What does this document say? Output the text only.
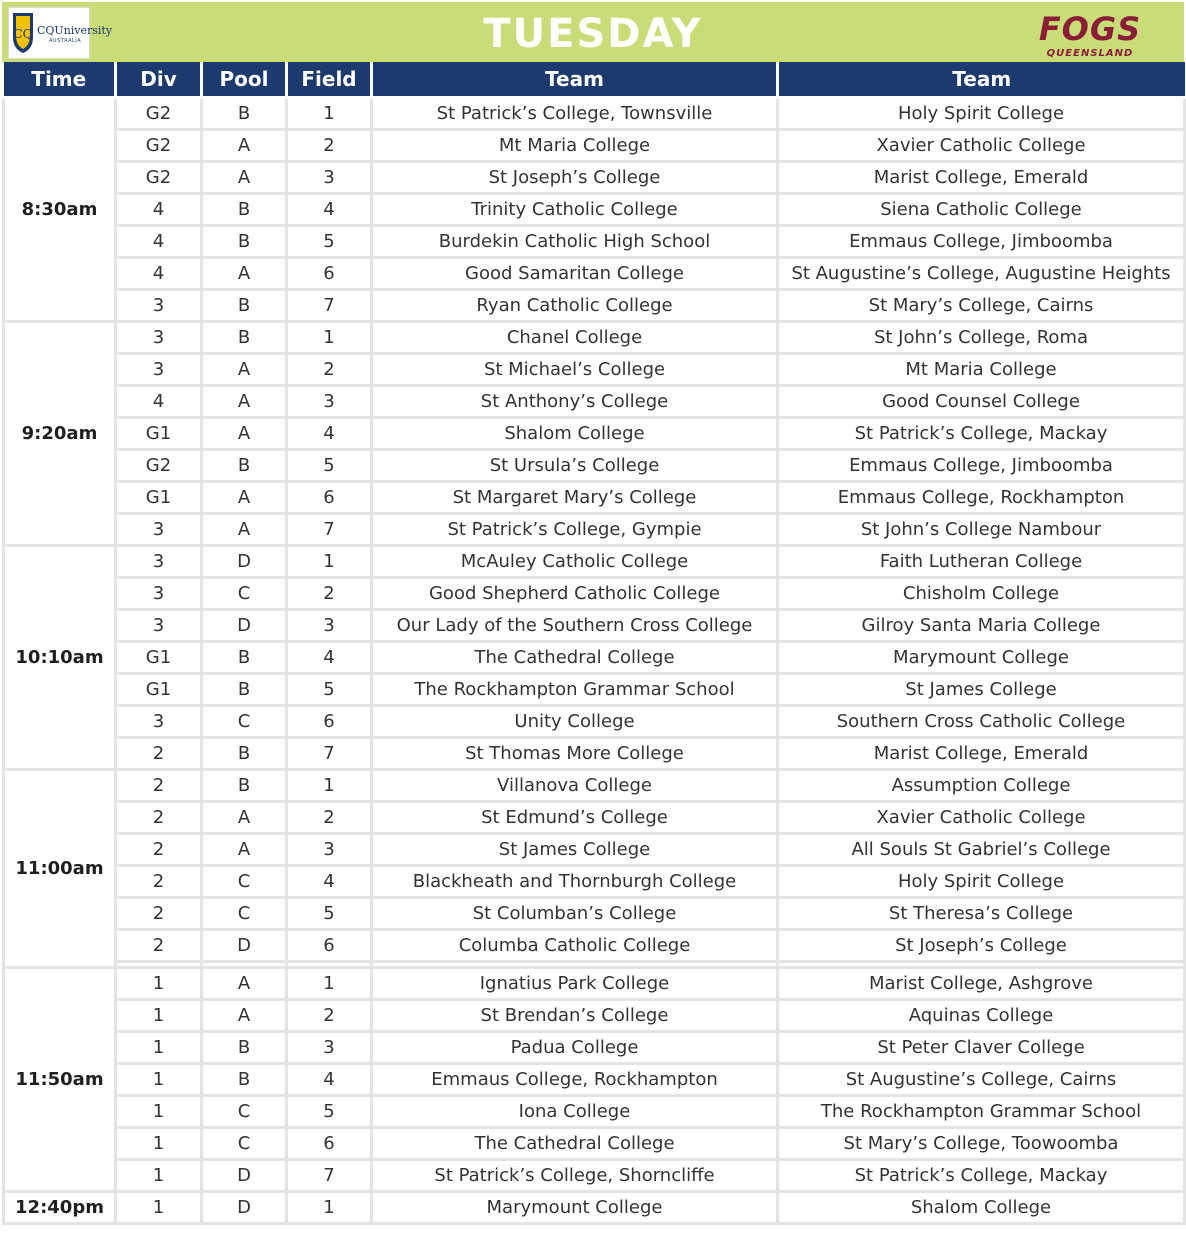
CQ CQUniversity
AUSTRALIA	TUESDAY	FOGS
QUEENSLAND
Time	Div	Pool	Field	Team	Team
8:30am	G2	B	1	St Patrick’s College, Townsville	Holy Spirit College
	G2	A	2	Mt Maria College	Xavier Catholic College
	G2	A	3	St Joseph’s College	Marist College, Emerald
	4	B	4	Trinity Catholic College	Siena Catholic College
	4	B	5	Burdekin Catholic High School	Emmaus College, Jimboomba
	4	A	6	Good Samaritan College	St Augustine’s College, Augustine Heights
	3	B	7	Ryan Catholic College	St Mary’s College, Cairns
9:20am	3	B	1	Chanel College	St John’s College, Roma
	3	A	2	St Michael’s College	Mt Maria College
	4	A	3	St Anthony’s College	Good Counsel College
	G1	A	4	Shalom College	St Patrick’s College, Mackay
	G2	B	5	St Ursula’s College	Emmaus College, Jimboomba
	G1	A	6	St Margaret Mary’s College	Emmaus College, Rockhampton
	3	A	7	St Patrick’s College, Gympie	St John’s College Nambour
10:10am	3	D	1	McAuley Catholic College	Faith Lutheran College
	3	C	2	Good Shepherd Catholic College	Chisholm College
	3	D	3	Our Lady of the Southern Cross College	Gilroy Santa Maria College
	G1	B	4	The Cathedral College	Marymount College
	G1	B	5	The Rockhampton Grammar School	St James College
	3	C	6	Unity College	Southern Cross Catholic College
	2	B	7	St Thomas More College	Marist College, Emerald
11:00am	2	B	1	Villanova College	Assumption College
	2	A	2	St Edmund’s College	Xavier Catholic College
	2	A	3	St James College	All Souls St Gabriel’s College
	2	C	4	Blackheath and Thornburgh College	Holy Spirit College
	2	C	5	St Columban’s College	St Theresa’s College
	2	D	6	Columba Catholic College	St Joseph’s College

11:50am	1	A	1	Ignatius Park College	Marist College, Ashgrove
	1	A	2	St Brendan’s College	Aquinas College
	1	B	3	Padua College	St Peter Claver College
	1	B	4	Emmaus College, Rockhampton	St Augustine’s College, Cairns
	1	C	5	Iona College	The Rockhampton Grammar School
	1	C	6	The Cathedral College	St Mary’s College, Toowoomba
	1	D	7	St Patrick’s College, Shorncliffe	St Patrick’s College, Mackay
12:40pm	1	D	1	Marymount College	Shalom College
